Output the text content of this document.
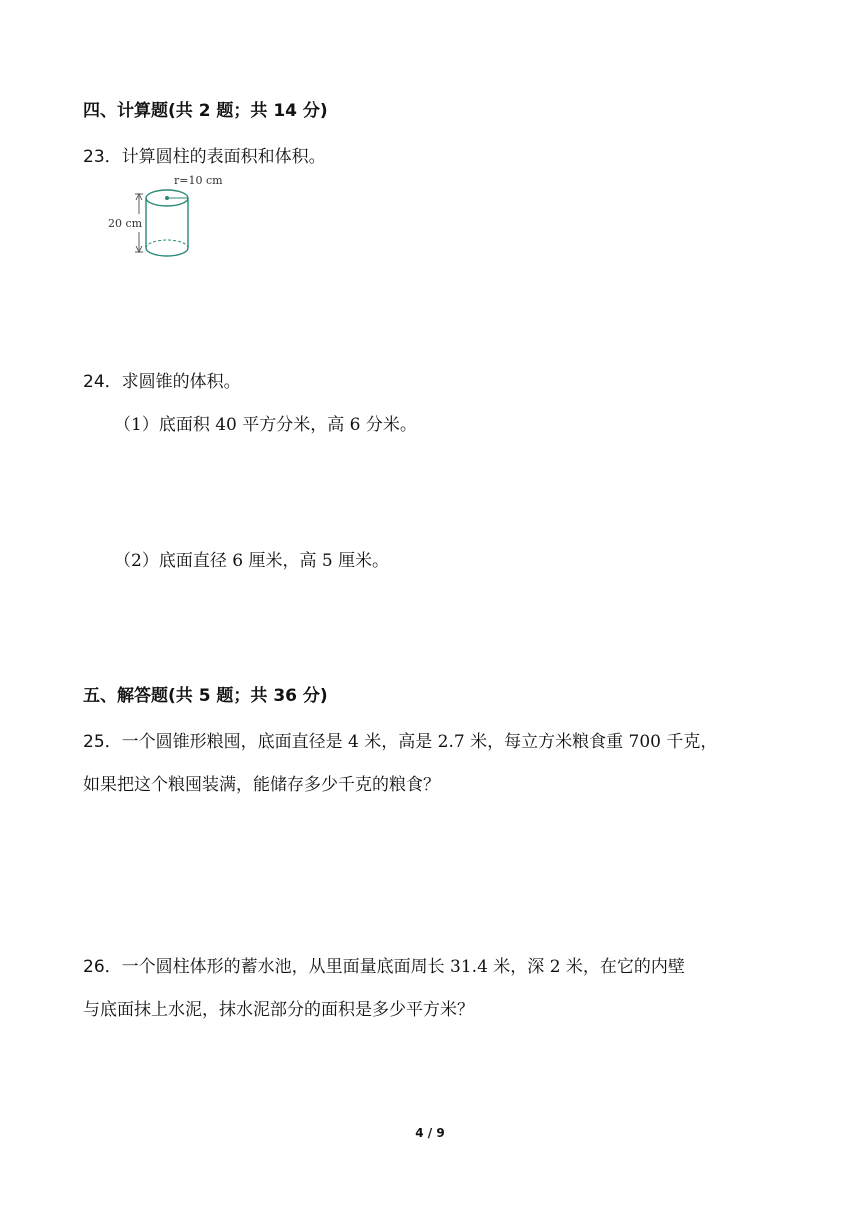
四、计算题(共 2 题；共 14 分)
23．计算圆柱的表面积和体积。
r=10 cm
20 cm
24．求圆锥的体积。
（1）底面积 40 平方分米，高 6 分米。
（2）底面直径 6 厘米，高 5 厘米。
五、解答题(共 5 题；共 36 分)
25．一个圆锥形粮囤，底面直径是 4 米，高是 2.7 米，每立方米粮食重 700 千克，
如果把这个粮囤装满，能储存多少千克的粮食？
26．一个圆柱体形的蓄水池，从里面量底面周长 31.4 米，深 2 米，在它的内壁
与底面抹上水泥，抹水泥部分的面积是多少平方米？
4 / 9
